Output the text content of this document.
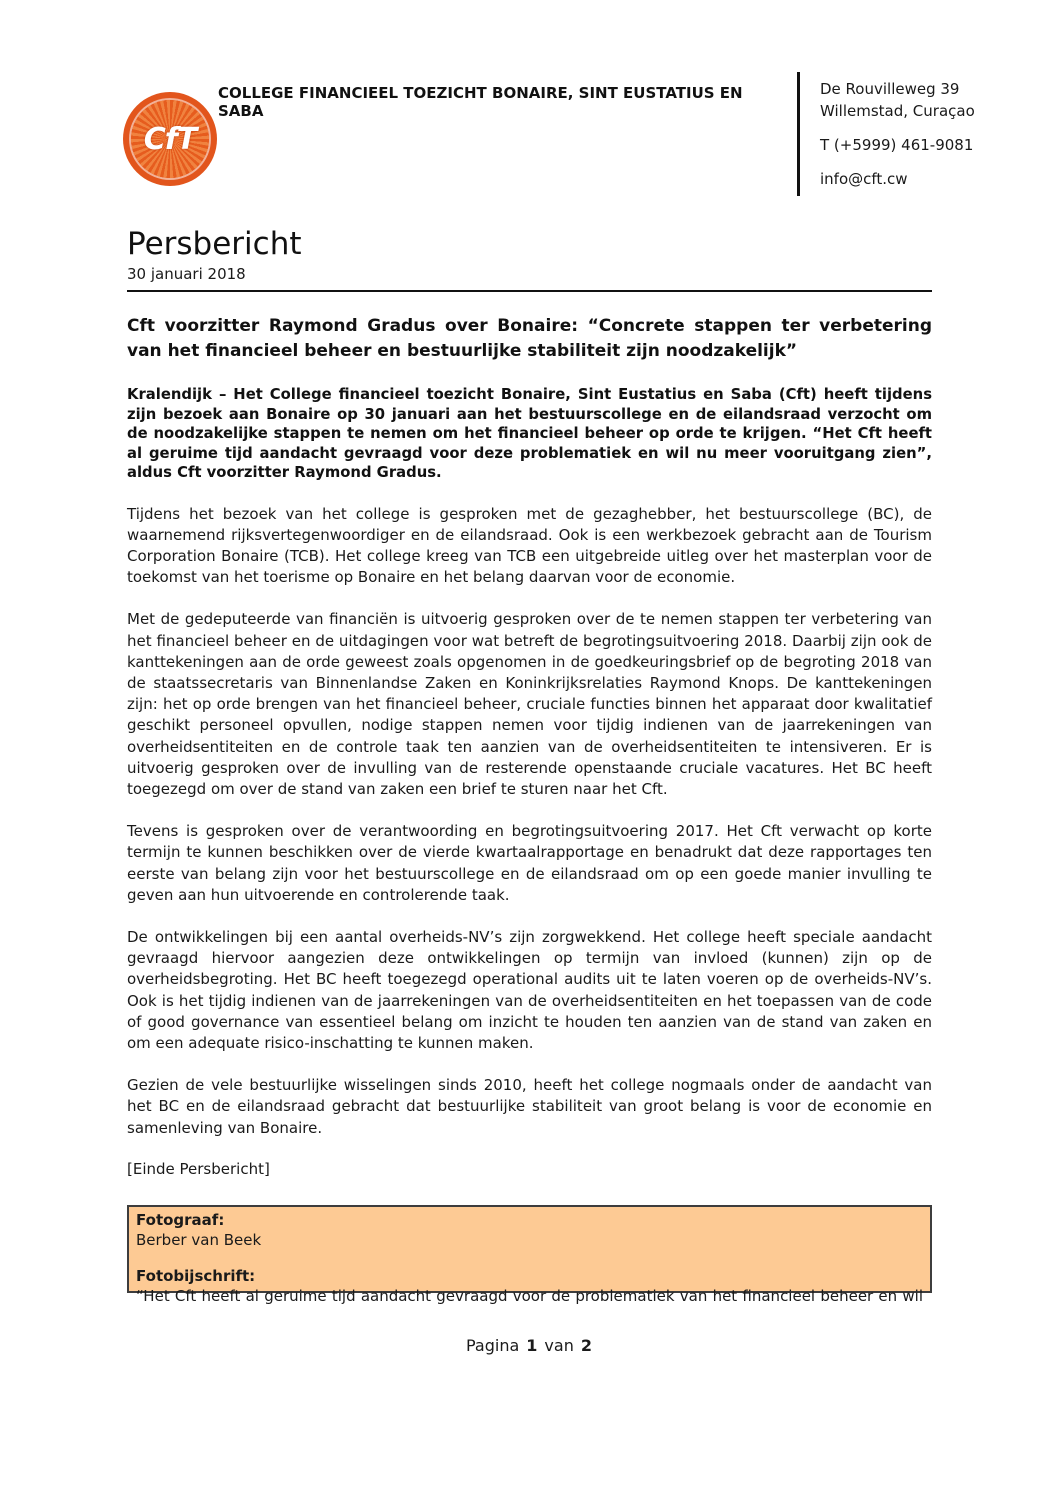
CfT
COLLEGE FINANCIEEL TOEZICHT BONAIRE, SINT EUSTATIUS EN SABA
De Rouvilleweg 39
Willemstad, Curaçao
T (+5999) 461-9081
info@cft.cw
Persbericht
30 januari 2018

Cft voorzitter Raymond Gradus over Bonaire: “Concrete stappen ter verbetering van het financieel beheer en bestuurlijke stabiliteit zijn noodzakelijk”

Kralendijk – Het College financieel toezicht Bonaire, Sint Eustatius en Saba (Cft) heeft tijdens zijn bezoek aan Bonaire op 30 januari aan het bestuurscollege en de eilandsraad verzocht om de noodzakelijke stappen te nemen om het financieel beheer op orde te krijgen. “Het Cft heeft al geruime tijd aandacht gevraagd voor deze problematiek en wil nu meer vooruitgang zien”, aldus Cft voorzitter Raymond Gradus.

Tijdens het bezoek van het college is gesproken met de gezaghebber, het bestuurscollege (BC), de waarnemend rijksvertegenwoordiger en de eilandsraad. Ook is een werkbezoek gebracht aan de Tourism Corporation Bonaire (TCB). Het college kreeg van TCB een uitgebreide uitleg over het masterplan voor de toekomst van het toerisme op Bonaire en het belang daarvan voor de economie.

Met de gedeputeerde van financiën is uitvoerig gesproken over de te nemen stappen ter verbetering van het financieel beheer en de uitdagingen voor wat betreft de begrotingsuitvoering 2018. Daarbij zijn ook de kanttekeningen aan de orde geweest zoals opgenomen in de goedkeuringsbrief op de begroting 2018 van de staatssecretaris van Binnenlandse Zaken en Koninkrijksrelaties Raymond Knops. De kanttekeningen zijn: het op orde brengen van het financieel beheer, cruciale functies binnen het apparaat door kwalitatief geschikt personeel opvullen, nodige stappen nemen voor tijdig indienen van de jaarrekeningen van overheidsentiteiten en de controle taak ten aanzien van de overheidsentiteiten te intensiveren. Er is uitvoerig gesproken over de invulling van de resterende openstaande cruciale vacatures. Het BC heeft toegezegd om over de stand van zaken een brief te sturen naar het Cft.

Tevens is gesproken over de verantwoording en begrotingsuitvoering 2017. Het Cft verwacht op korte termijn te kunnen beschikken over de vierde kwartaalrapportage en benadrukt dat deze rapportages ten eerste van belang zijn voor het bestuurscollege en de eilandsraad om op een goede manier invulling te geven aan hun uitvoerende en controlerende taak.

De ontwikkelingen bij een aantal overheids-NV’s zijn zorgwekkend. Het college heeft speciale aandacht gevraagd hiervoor aangezien deze ontwikkelingen op termijn van invloed (kunnen) zijn op de overheidsbegroting. Het BC heeft toegezegd operational audits uit te laten voeren op de overheids-NV’s. Ook is het tijdig indienen van de jaarrekeningen van de overheidsentiteiten en het toepassen van de code of good governance van essentieel belang om inzicht te houden ten aanzien van de stand van zaken en om een adequate risico-inschatting te kunnen maken.

Gezien de vele bestuurlijke wisselingen sinds 2010, heeft het college nogmaals onder de aandacht van het BC en de eilandsraad gebracht dat bestuurlijke stabiliteit van groot belang is voor de economie en samenleving van Bonaire.

[Einde Persbericht]

Fotograaf:
Berber van Beek
Fotobijschrift:
“Het Cft heeft al geruime tijd aandacht gevraagd voor de problematiek van het financieel beheer en wil
Pagina 1 van 2
